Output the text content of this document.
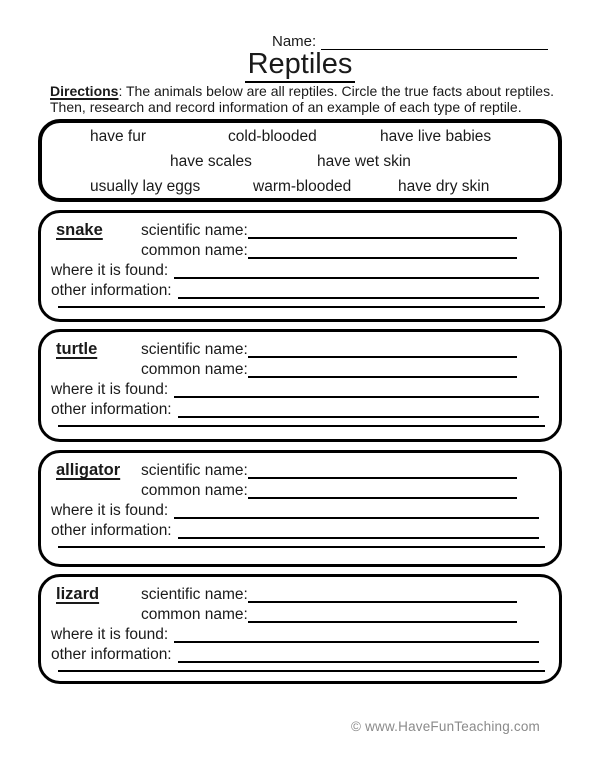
Name:
Reptiles
Directions: The animals below are all reptiles. Circle the true facts about reptiles.
Then, research and record information of an example of each type of reptile.
have fur	cold-blooded	have live babies
have scales	have wet skin
usually lay eggs	warm-blooded	have dry skin
snake	scientific name:
common name:
where it is found:
other information:
turtle	scientific name:
common name:
where it is found:
other information:
alligator	scientific name:
common name:
where it is found:
other information:
lizard	scientific name:
common name:
where it is found:
other information:
© www.HaveFunTeaching.com
